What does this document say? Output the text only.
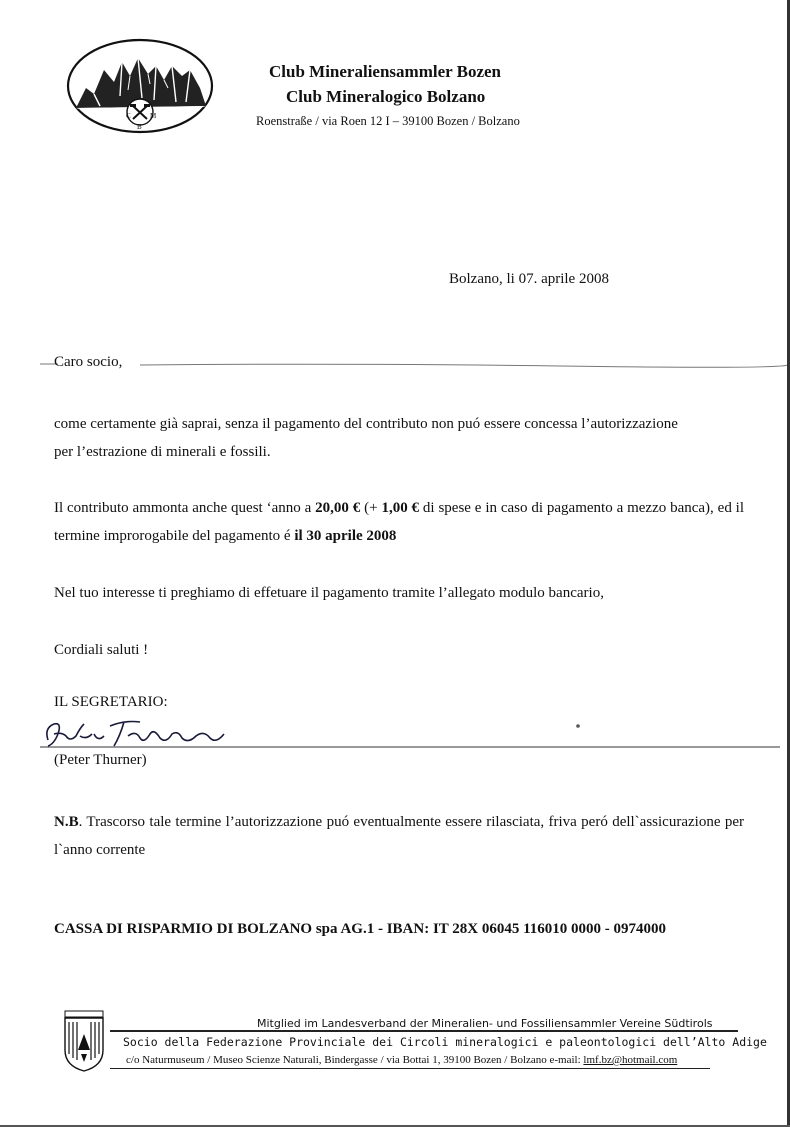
C	M
B
Club Mineraliensammler Bozen
Club Mineralogico Bolzano
Roenstraße / via Roen 12 I – 39100 Bozen / Bolzano
Bolzano, li 07. aprile 2008
Caro socio,
come certamente già saprai, senza il pagamento del contributo non puó essere concessa l’autorizzazione
per l’estrazione di minerali e fossili.
Il contributo ammonta anche quest ‘anno a 20,00 € (+ 1,00 € di spese e in caso di pagamento a mezzo banca), ed il termine improrogabile del pagamento é il 30 aprile 2008
Nel tuo interesse ti preghiamo di effetuare il pagamento tramite l’allegato modulo bancario,
Cordiali saluti !
IL SEGRETARIO:
(Peter Thurner)
N.B. Trascorso tale termine l’autorizzazione puó eventualmente essere rilasciata, friva peró dell`assicurazione per l`anno corrente
CASSA DI RISPARMIO DI BOLZANO spa AG.1 - IBAN: IT 28X 06045 116010 0000 - 0974000
Mitglied im Landesverband der Mineralien- und Fossiliensammler Vereine Südtirols
Socio della Federazione Provinciale dei Circoli mineralogici e paleontologici dell’Alto Adige
c/o Naturmuseum / Museo Scienze Naturali, Bindergasse / via Bottai 1, 39100 Bozen / Bolzano e-mail: lmf.bz@hotmail.com
